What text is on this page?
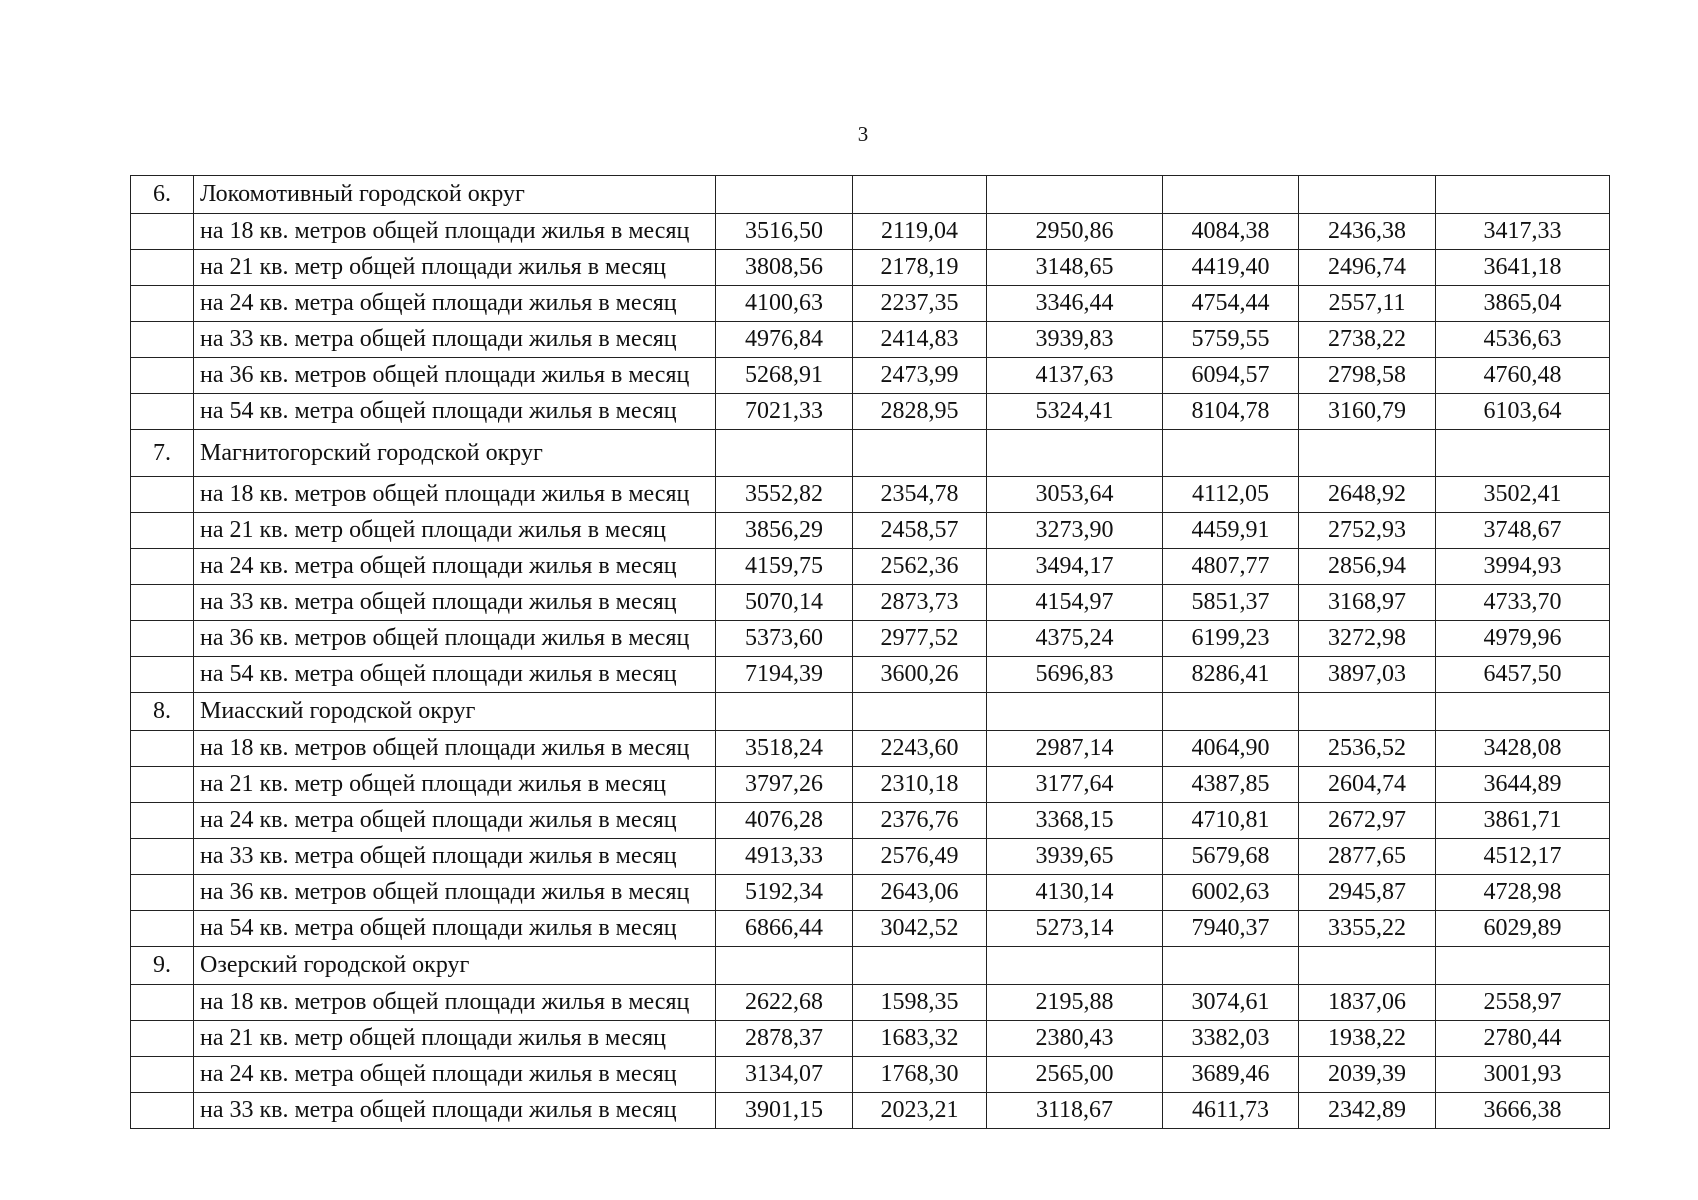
3
6.	Локомотивный городской округ						
	на 18 кв. метров общей площади жилья в месяц	3516,50	2119,04	2950,86	4084,38	2436,38	3417,33
	на 21 кв. метр общей площади жилья в месяц	3808,56	2178,19	3148,65	4419,40	2496,74	3641,18
	на 24 кв. метра общей площади жилья в месяц	4100,63	2237,35	3346,44	4754,44	2557,11	3865,04
	на 33 кв. метра общей площади жилья в месяц	4976,84	2414,83	3939,83	5759,55	2738,22	4536,63
	на 36 кв. метров общей площади жилья в месяц	5268,91	2473,99	4137,63	6094,57	2798,58	4760,48
	на 54 кв. метра общей площади жилья в месяц	7021,33	2828,95	5324,41	8104,78	3160,79	6103,64
7.	Магнитогорский городской округ						
	на 18 кв. метров общей площади жилья в месяц	3552,82	2354,78	3053,64	4112,05	2648,92	3502,41
	на 21 кв. метр общей площади жилья в месяц	3856,29	2458,57	3273,90	4459,91	2752,93	3748,67
	на 24 кв. метра общей площади жилья в месяц	4159,75	2562,36	3494,17	4807,77	2856,94	3994,93
	на 33 кв. метра общей площади жилья в месяц	5070,14	2873,73	4154,97	5851,37	3168,97	4733,70
	на 36 кв. метров общей площади жилья в месяц	5373,60	2977,52	4375,24	6199,23	3272,98	4979,96
	на 54 кв. метра общей площади жилья в месяц	7194,39	3600,26	5696,83	8286,41	3897,03	6457,50
8.	Миасский городской округ						
	на 18 кв. метров общей площади жилья в месяц	3518,24	2243,60	2987,14	4064,90	2536,52	3428,08
	на 21 кв. метр общей площади жилья в месяц	3797,26	2310,18	3177,64	4387,85	2604,74	3644,89
	на 24 кв. метра общей площади жилья в месяц	4076,28	2376,76	3368,15	4710,81	2672,97	3861,71
	на 33 кв. метра общей площади жилья в месяц	4913,33	2576,49	3939,65	5679,68	2877,65	4512,17
	на 36 кв. метров общей площади жилья в месяц	5192,34	2643,06	4130,14	6002,63	2945,87	4728,98
	на 54 кв. метра общей площади жилья в месяц	6866,44	3042,52	5273,14	7940,37	3355,22	6029,89
9.	Озерский городской округ						
	на 18 кв. метров общей площади жилья в месяц	2622,68	1598,35	2195,88	3074,61	1837,06	2558,97
	на 21 кв. метр общей площади жилья в месяц	2878,37	1683,32	2380,43	3382,03	1938,22	2780,44
	на 24 кв. метра общей площади жилья в месяц	3134,07	1768,30	2565,00	3689,46	2039,39	3001,93
	на 33 кв. метра общей площади жилья в месяц	3901,15	2023,21	3118,67	4611,73	2342,89	3666,38
